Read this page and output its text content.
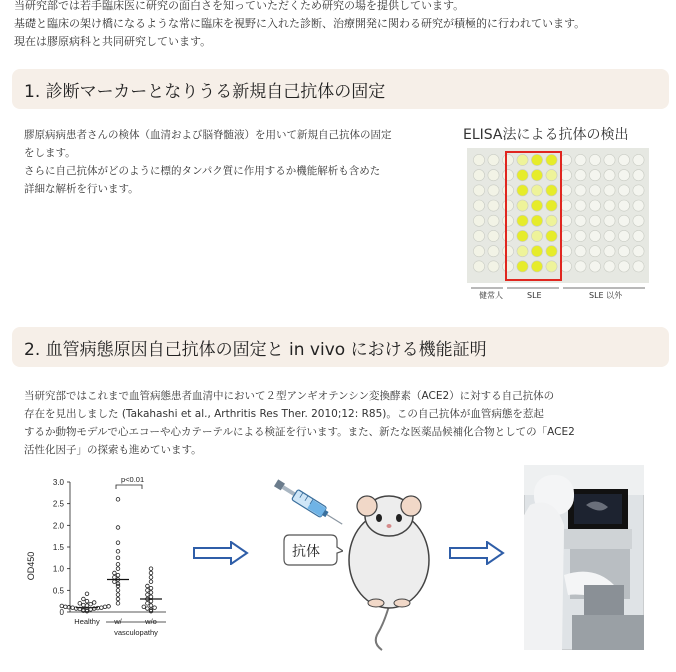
当研究部では若手臨床医に研究の面白さを知っていただくため研究の場を提供しています。

基礎と臨床の架け橋になるような常に臨床を視野に入れた診断、治療開発に関わる研究が積極的に行われています。

現在は膠原病科と共同研究しています。

1. 診断マーカーとなりうる新規自己抗体の固定

膠原病病患者さんの検体（血清および脳脊髄液）を用いて新規自己抗体の固定

をします。

さらに自己抗体がどのように標的タンパク質に作用するか機能解析も含めた

詳細な解析を行います。

ELISA法による抗体の検出
健常人	SLE	SLE 以外
2. 血管病態原因自己抗体の固定と in vivo における機能証明

当研究部ではこれまで血管病態患者血清中において２型アンギオテンシン変換酵素（ACE2）に対する自己抗体の

存在を見出しました (Takahashi et al., Arthritis Res Ther. 2010;12: R85)。この自己抗体が血管病態を惹起

するか動物モデルで心エコーや心カテーテルによる検証を行います。また、新たな医薬品候補化合物としての「ACE2

活性化因子」の探索も進めています。

OD450
0
0.5
1.0
1.5
2.0
2.5
3.0
Healthy w/	w/o
p<0.01
vasculopathy
抗体
